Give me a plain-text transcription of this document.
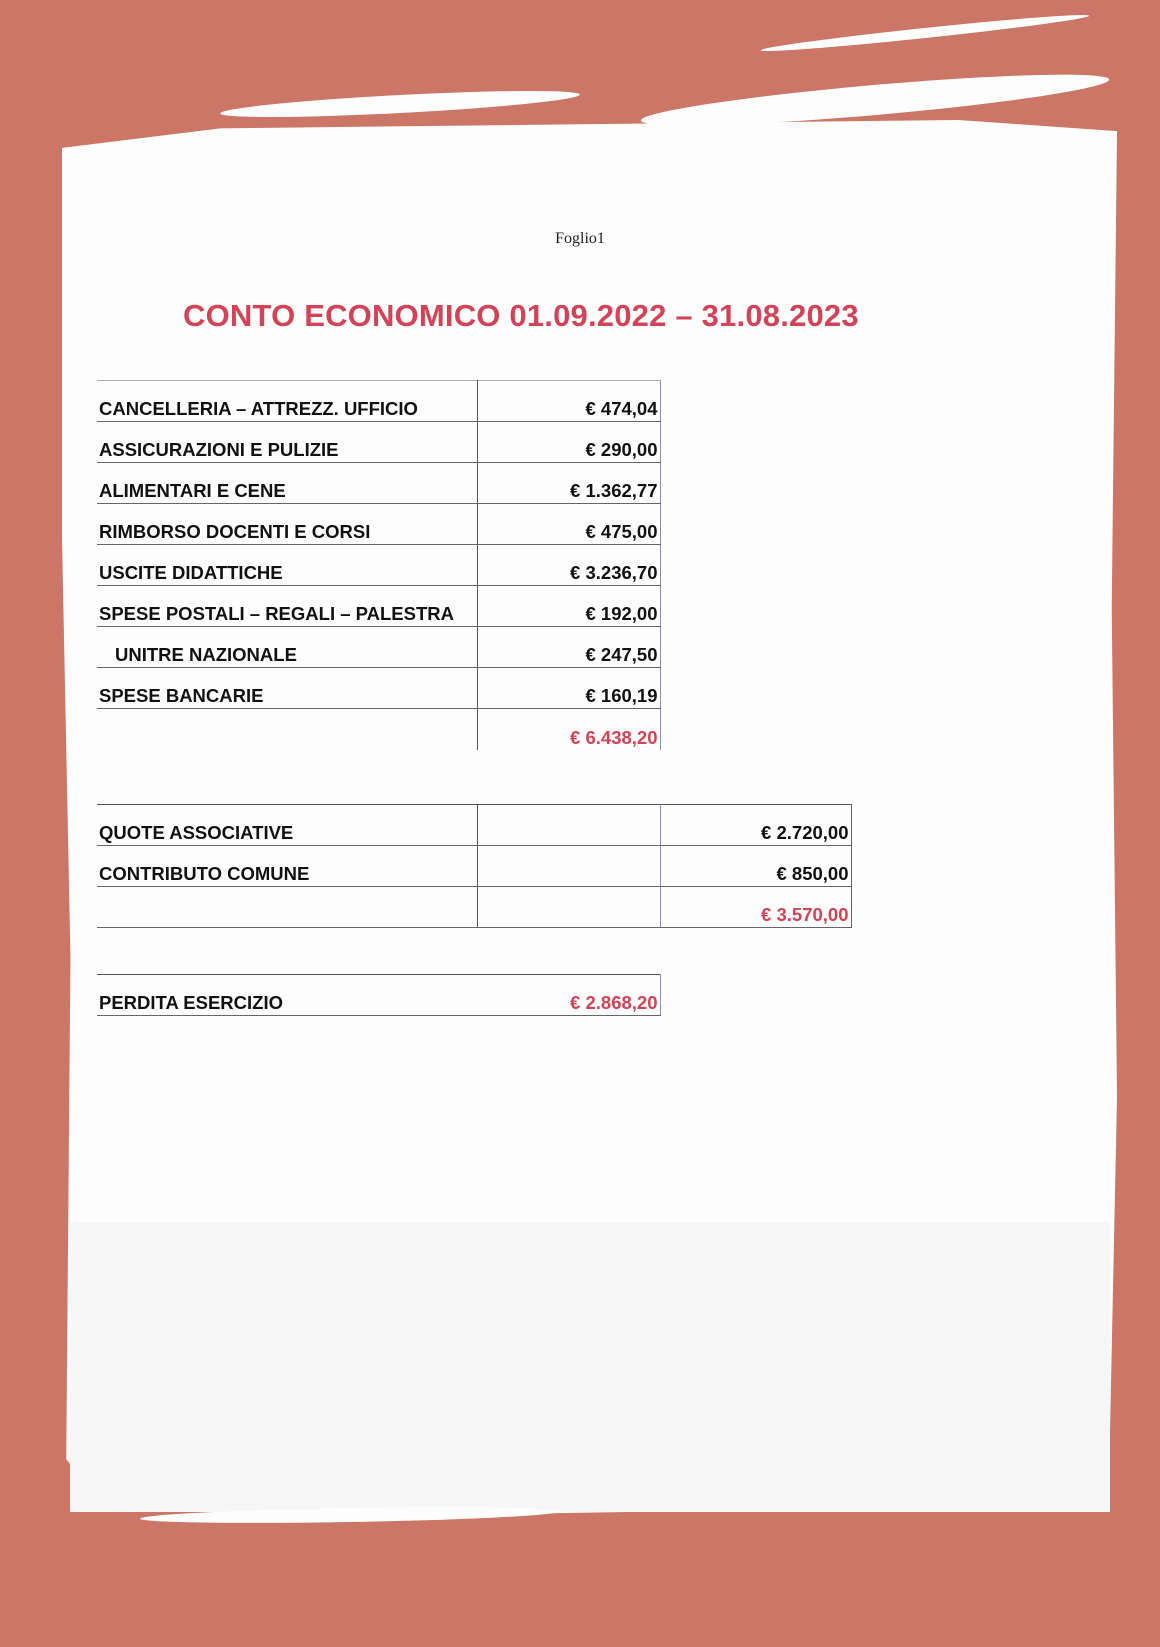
Foglio1
CONTO ECONOMICO 01.09.2022 – 31.08.2023
CANCELLERIA – ATTREZZ. UFFICIO	€ 474,04
ASSICURAZIONI E PULIZIE	€ 290,00
ALIMENTARI E CENE	€ 1.362,77
RIMBORSO DOCENTI E CORSI	€ 475,00
USCITE DIDATTICHE	€ 3.236,70
SPESE POSTALI – REGALI – PALESTRA	€ 192,00
UNITRE NAZIONALE	€ 247,50
SPESE BANCARIE	€ 160,19
	€ 6.438,20
QUOTE ASSOCIATIVE		€ 2.720,00
CONTRIBUTO COMUNE		€ 850,00
		€ 3.570,00
PERDITA ESERCIZIO	€ 2.868,20
